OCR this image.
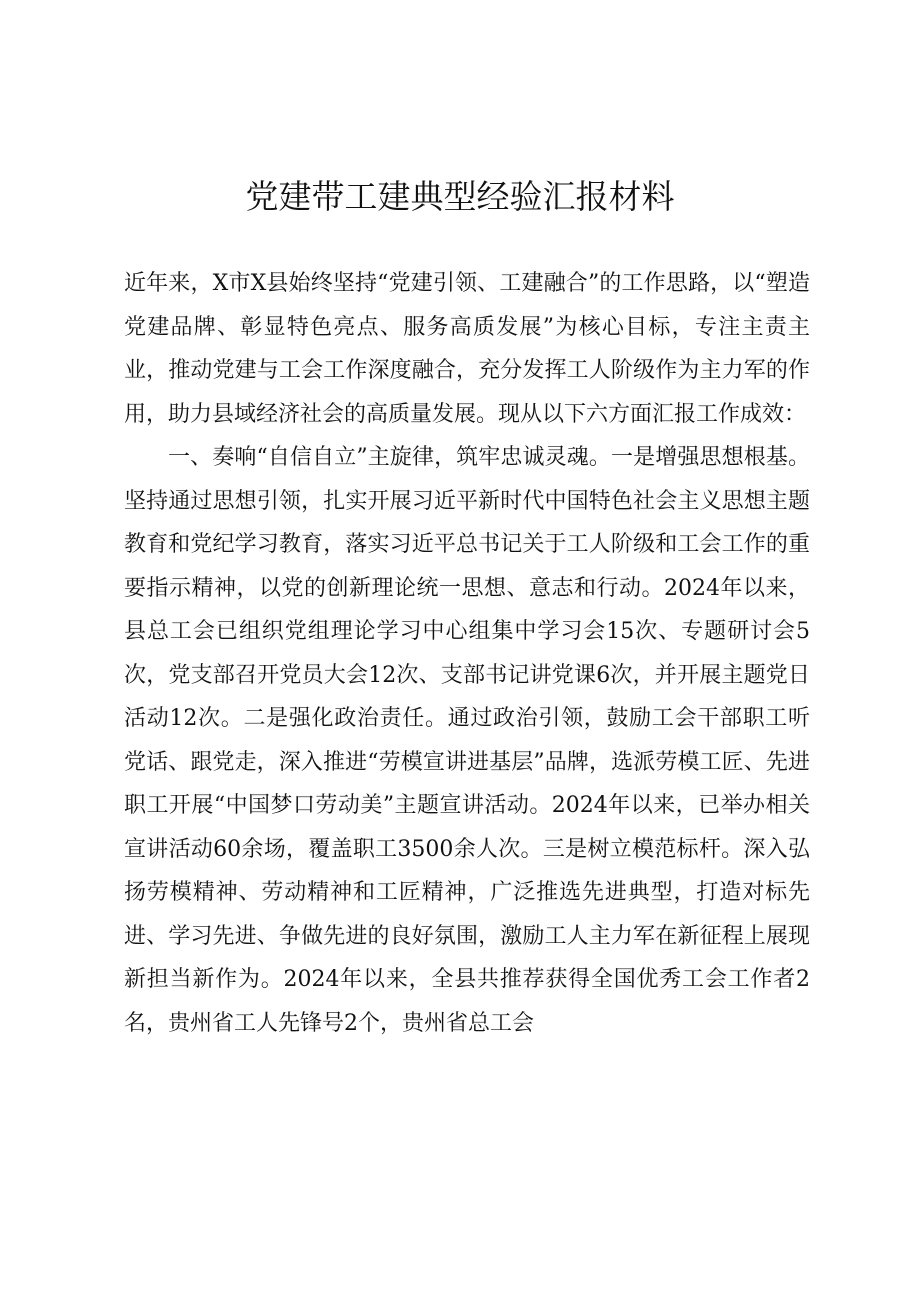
党建带工建典型经验汇报材料

近年来，X市X县始终坚持“党建引领、工建融合”的工作思路，以“塑造党建品牌、彰显特色亮点、服务高质发展”为核心目标，专注主责主业，推动党建与工会工作深度融合，充分发挥工人阶级作为主力军的作用，助力县域经济社会的高质量发展。现从以下六方面汇报工作成效：

一、奏响“自信自立”主旋律，筑牢忠诚灵魂。一是增强思想根基。坚持通过思想引领，扎实开展习近平新时代中国特色社会主义思想主题教育和党纪学习教育，落实习近平总书记关于工人阶级和工会工作的重要指示精神，以党的创新理论统一思想、意志和行动。2024年以来，县总工会已组织党组理论学习中心组集中学习会15次、专题研讨会5次，党支部召开党员大会12次、支部书记讲党课6次，并开展主题党日活动12次。二是强化政治责任。通过政治引领，鼓励工会干部职工听党话、跟党走，深入推进“劳模宣讲进基层”品牌，选派劳模工匠、先进职工开展“中国梦口劳动美”主题宣讲活动。2024年以来，已举办相关宣讲活动60余场，覆盖职工3500余人次。三是树立模范标杆。深入弘扬劳模精神、劳动精神和工匠精神，广泛推选先进典型，打造对标先进、学习先进、争做先进的良好氛围，激励工人主力军在新征程上展现新担当新作为。2024年以来，全县共推荐获得全国优秀工会工作者2名，贵州省工人先锋号2个，贵州省总工会
